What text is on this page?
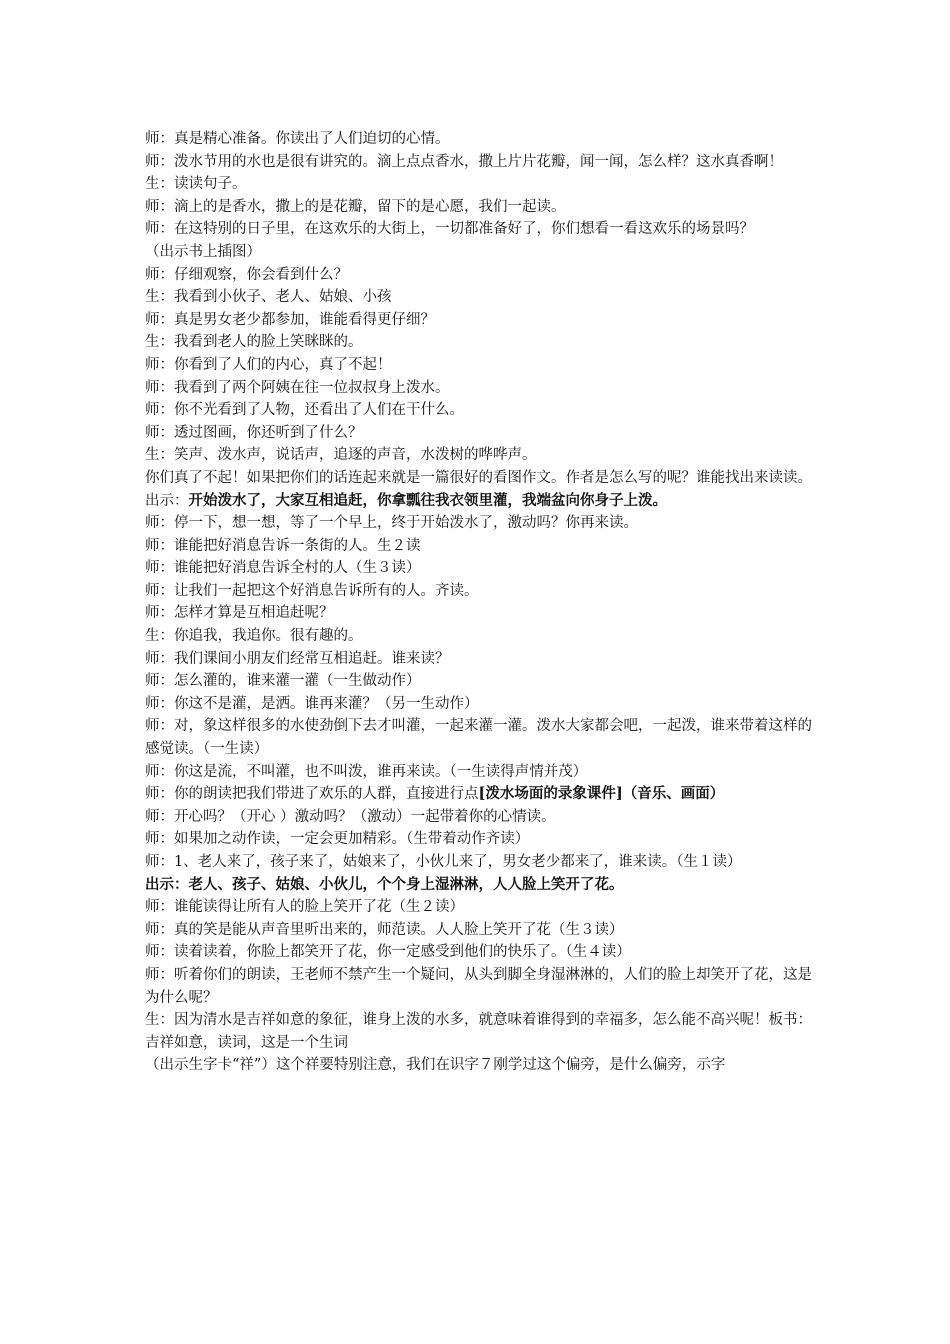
师：真是精心准备。你读出了人们迫切的心情。

师：泼水节用的水也是很有讲究的。滴上点点香水，撒上片片花瓣，闻一闻，怎么样？这水真香啊！

生：读读句子。

师：滴上的是香水，撒上的是花瓣，留下的是心愿，我们一起读。

师：在这特别的日子里，在这欢乐的大街上，一切都准备好了，你们想看一看这欢乐的场景吗？

（出示书上插图）

师：仔细观察，你会看到什么？

生：我看到小伙子、老人、姑娘、小孩

师：真是男女老少都参加，谁能看得更仔细？

生：我看到老人的脸上笑眯眯的。

师：你看到了人们的内心，真了不起！

师：我看到了两个阿姨在往一位叔叔身上泼水。

师：你不光看到了人物，还看出了人们在干什么。

师：透过图画，你还听到了什么？

生：笑声、泼水声，说话声，追逐的声音，水泼树的哗哗声。

你们真了不起！如果把你们的话连起来就是一篇很好的看图作文。作者是怎么写的呢？谁能找出来读读。

出示：开始泼水了，大家互相追赶，你拿瓢往我衣领里灌，我端盆向你身子上泼。

师：停一下，想一想，等了一个早上，终于开始泼水了，激动吗？你再来读。

师：谁能把好消息告诉一条街的人。生２读

师：谁能把好消息告诉全村的人（生３读）

师：让我们一起把这个好消息告诉所有的人。齐读。

师：怎样才算是互相追赶呢？

生：你追我，我追你。很有趣的。

师：我们课间小朋友们经常互相追赶。谁来读？

师：怎么灌的，谁来灌一灌（一生做动作）

师：你这不是灌，是洒。谁再来灌？（另一生动作）

师：对，象这样很多的水使劲倒下去才叫灌，一起来灌一灌。泼水大家都会吧，一起泼，谁来带着这样的感觉读。（一生读）

师：你这是流，不叫灌，也不叫泼，谁再来读。（一生读得声情并茂）

师：你的朗读把我们带进了欢乐的人群，直接进行点[泼水场面的录象课件]（音乐、画面）

师：开心吗？（开心 ）激动吗？（激动）一起带着你的心情读。

师：如果加之动作读，一定会更加精彩。（生带着动作齐读）

师：1、老人来了，孩子来了，姑娘来了，小伙儿来了，男女老少都来了，谁来读。（生１读）

出示：老人、孩子、姑娘、小伙儿，个个身上湿淋淋，人人脸上笑开了花。

师：谁能读得让所有人的脸上笑开了花（生２读）

师：真的笑是能从声音里听出来的，师范读。人人脸上笑开了花（生３读）

师：读着读着，你脸上都笑开了花，你一定感受到他们的快乐了。（生４读）

师：听着你们的朗读，王老师不禁产生一个疑问，从头到脚全身湿淋淋的，人们的脸上却笑开了花，这是为什么呢？

生：因为清水是吉祥如意的象征，谁身上泼的水多，就意味着谁得到的幸福多，怎么能不高兴呢！板书：吉祥如意，读词，这是一个生词

（出示生字卡“祥”）这个祥要特别注意，我们在识字７刚学过这个偏旁，是什么偏旁，示字
